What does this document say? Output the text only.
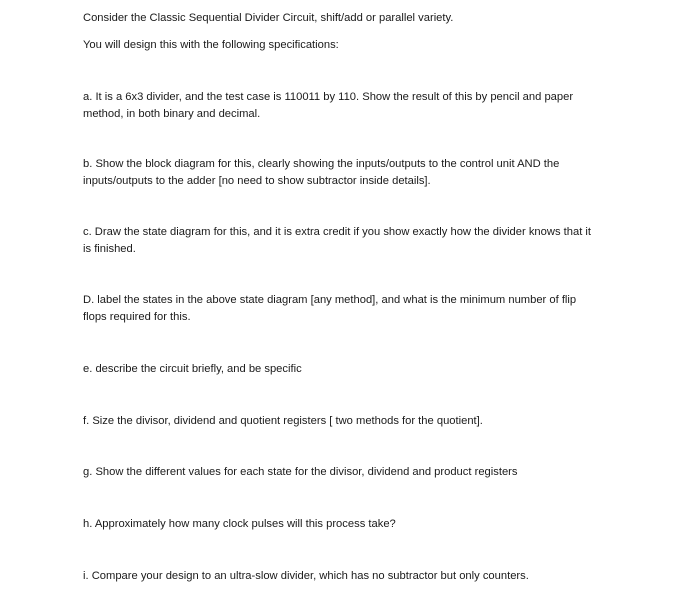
Consider the Classic Sequential Divider Circuit, shift/add or parallel variety.

You will design this with the following specifications:

a. It is a 6x3 divider, and the test case is 110011 by 110. Show the result of this by pencil and paper

method, in both binary and decimal.

b. Show the block diagram for this, clearly showing the inputs/outputs to the control unit AND the

inputs/outputs to the adder [no need to show subtractor inside details].

c. Draw the state diagram for this, and it is extra credit if you show exactly how the divider knows that it

is finished.

D. label the states in the above state diagram [any method], and what is the minimum number of flip

flops required for this.

e. describe the circuit briefly, and be specific

f. Size the divisor, dividend and quotient registers [ two methods for the quotient].

g. Show the different values for each state for the divisor, dividend and product registers

h. Approximately how many clock pulses will this process take?

i. Compare your design to an ultra-slow divider, which has no subtractor but only counters.
